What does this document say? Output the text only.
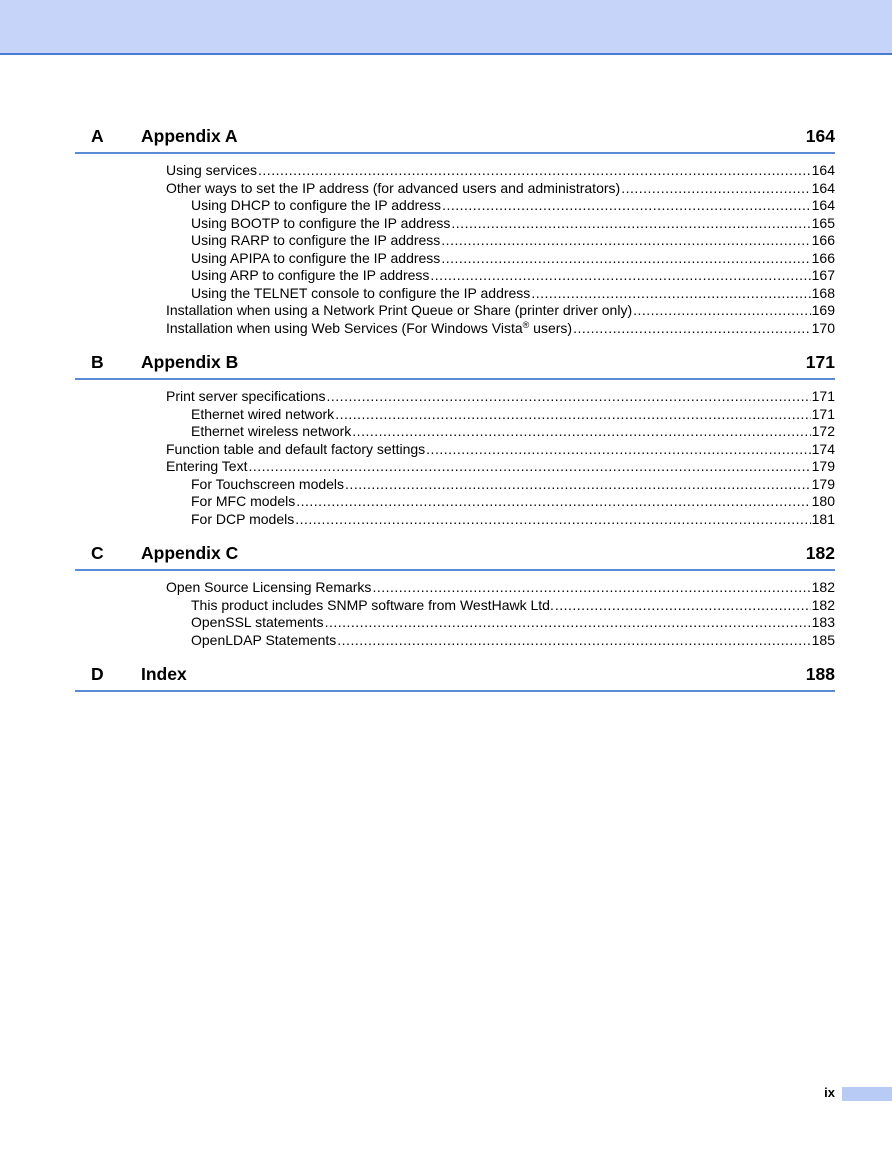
A	Appendix A	164
Using services .....	164
Other ways to set the IP address (for advanced users and administrators) .....	164
Using DHCP to configure the IP address .....	164
Using BOOTP to configure the IP address .....	165
Using RARP to configure the IP address .....	166
Using APIPA to configure the IP address .....	166
Using ARP to configure the IP address .....	167
Using the TELNET console to configure the IP address .....	168
Installation when using a Network Print Queue or Share (printer driver only) .....	169
Installation when using Web Services (For Windows Vista® users) .....	170
B	Appendix B	171
Print server specifications .....	171
Ethernet wired network .....	171
Ethernet wireless network .....	172
Function table and default factory settings .....	174
Entering Text .....	179
For Touchscreen models .....	179
For MFC models .....	180
For DCP models .....	181
C	Appendix C	182
Open Source Licensing Remarks .....	182
This product includes SNMP software from WestHawk Ltd. .....	182
OpenSSL statements .....	183
OpenLDAP Statements .....	185
D	Index	188
ix
